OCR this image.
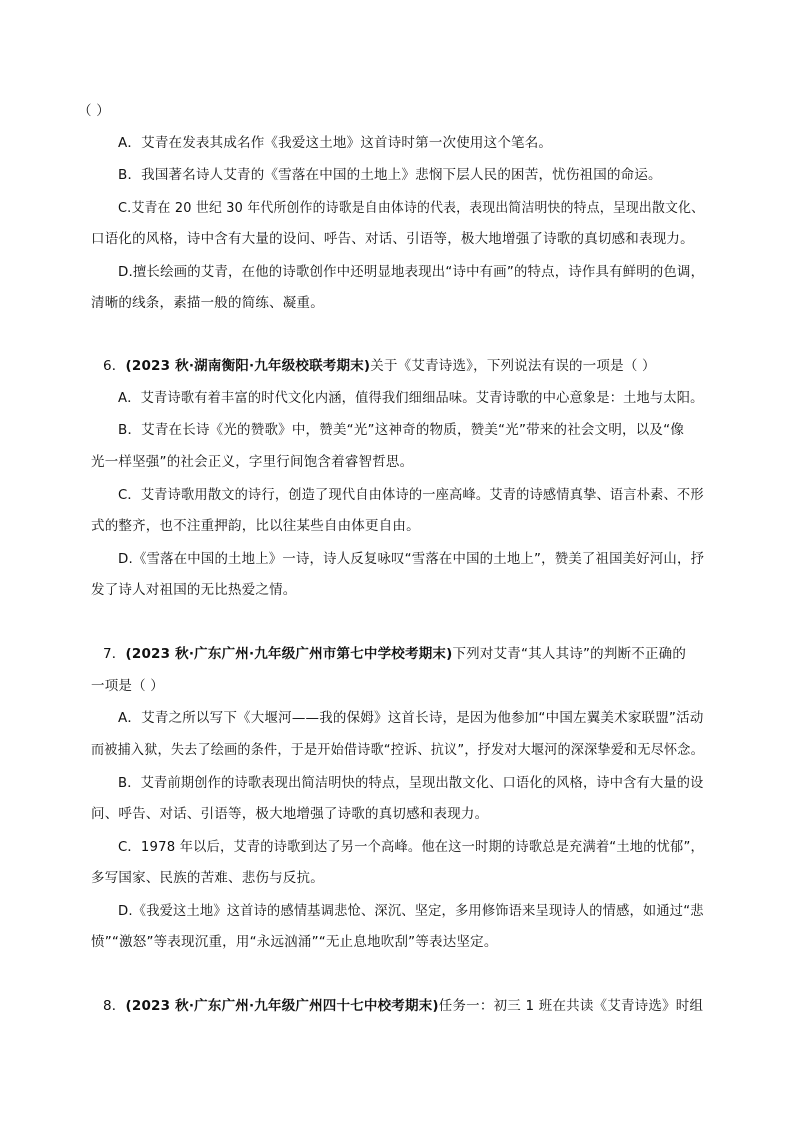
（ ）
A．艾青在发表其成名作《我爱这土地》这首诗时第一次使用这个笔名。
B．我国著名诗人艾青的《雪落在中国的土地上》悲悯下层人民的困苦，忧伤祖国的命运。
C.艾青在 20 世纪 30 年代所创作的诗歌是自由体诗的代表，表现出简洁明快的特点，呈现出散文化、
口语化的风格，诗中含有大量的设问、呼告、对话、引语等，极大地增强了诗歌的真切感和表现力。
D.擅长绘画的艾青，在他的诗歌创作中还明显地表现出“诗中有画”的特点，诗作具有鲜明的色调，
清晰的线条，素描一般的简练、凝重。
6．(2023 秋·湖南衡阳·九年级校联考期末)关于《艾青诗选》，下列说法有误的一项是（ ）
A．艾青诗歌有着丰富的时代文化内涵，值得我们细细品味。艾青诗歌的中心意象是：土地与太阳。
B．艾青在长诗《光的赞歌》中，赞美“光”这神奇的物质，赞美“光”带来的社会文明，以及“像
光一样坚强”的社会正义，字里行间饱含着睿智哲思。
C．艾青诗歌用散文的诗行，创造了现代自由体诗的一座高峰。艾青的诗感情真挚、语言朴素、不形
式的整齐，也不注重押韵，比以往某些自由体更自由。
D.《雪落在中国的土地上》一诗，诗人反复咏叹“雪落在中国的土地上”，赞美了祖国美好河山，抒
发了诗人对祖国的无比热爱之情。
7．(2023 秋·广东广州·九年级广州市第七中学校考期末)下列对艾青“其人其诗”的判断不正确的
一项是（ ）
A．艾青之所以写下《大堰河——我的保姆》这首长诗，是因为他参加“中国左翼美术家联盟”活动
而被捕入狱，失去了绘画的条件，于是开始借诗歌“控诉、抗议”，抒发对大堰河的深深挚爱和无尽怀念。
B．艾青前期创作的诗歌表现出简洁明快的特点，呈现出散文化、口语化的风格，诗中含有大量的设
问、呼告、对话、引语等，极大地增强了诗歌的真切感和表现力。
C．1978 年以后，艾青的诗歌到达了另一个高峰。他在这一时期的诗歌总是充满着“土地的忧郁”，
多写国家、民族的苦难、悲伤与反抗。
D.《我爱这土地》这首诗的感情基调悲怆、深沉、坚定，多用修饰语来呈现诗人的情感，如通过“悲
愤”“激怒”等表现沉重，用“永远汹涌”“无止息地吹刮”等表达坚定。
8．(2023 秋·广东广州·九年级广州四十七中校考期末)任务一：初三 1 班在共读《艾青诗选》时组
